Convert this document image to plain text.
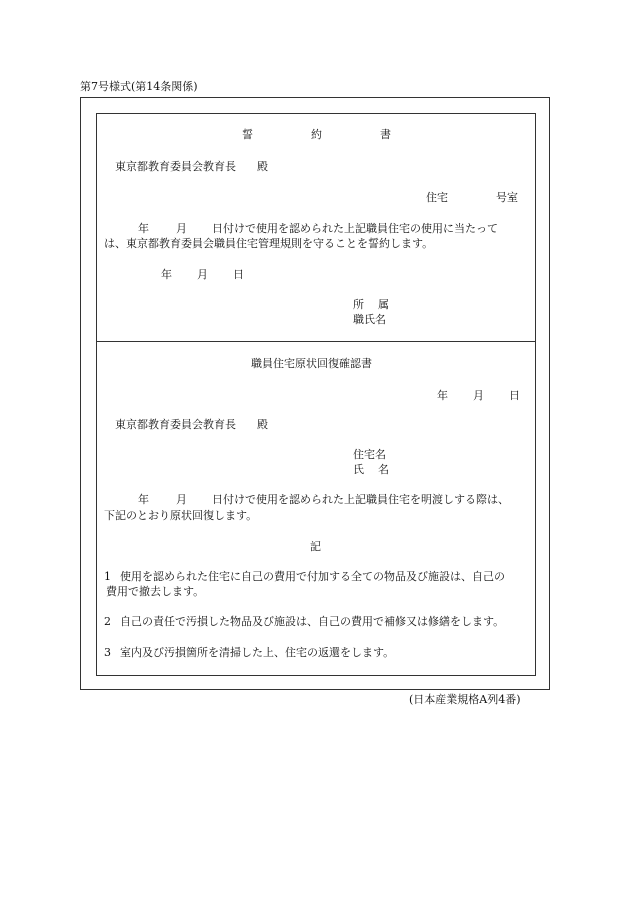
第7号様式(第14条関係)
誓	約	書
東京都教育委員会教育長 殿
住宅	号室
年 月 日付けで使用を認められた上記職員住宅の使用に当たって
は、東京都教育委員会職員住宅管理規則を守ることを誓約します。
年 月 日
所 属
職氏名
職員住宅原状回復確認書
年 月 日
東京都教育委員会教育長 殿
住宅名
氏 名
年 月 日付けで使用を認められた上記職員住宅を明渡しする際は、
下記のとおり原状回復します。
記
1 使用を認められた住宅に自己の費用で付加する全ての物品及び施設は、自己の
費用で撤去します。
2 自己の責任で汚損した物品及び施設は、自己の費用で補修又は修繕をします。
3 室内及び汚損箇所を清掃した上、住宅の返還をします。
(日本産業規格A列4番)
